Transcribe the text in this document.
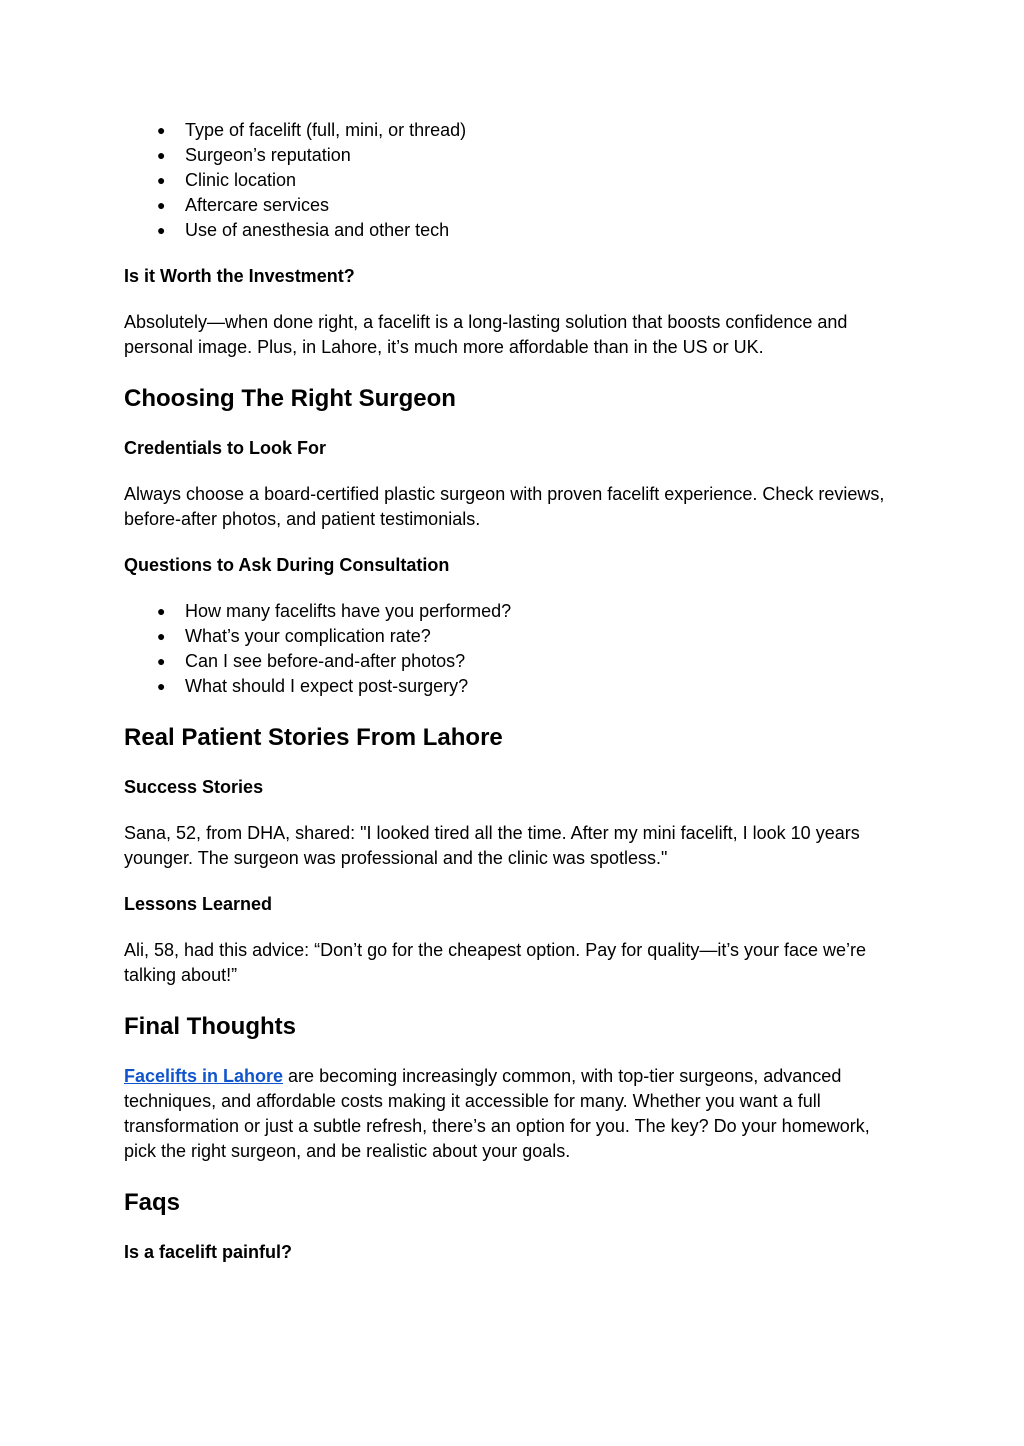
● Type of facelift (full, mini, or thread)
● Surgeon’s reputation
● Clinic location
● Aftercare services
● Use of anesthesia and other tech
Is it Worth the Investment?

Absolutely—when done right, a facelift is a long-lasting solution that boosts confidence and personal image. Plus, in Lahore, it’s much more affordable than in the US or UK.

Choosing The Right Surgeon
Credentials to Look For

Always choose a board-certified plastic surgeon with proven facelift experience. Check reviews, before-after photos, and patient testimonials.

Questions to Ask During Consultation
● How many facelifts have you performed?
● What’s your complication rate?
● Can I see before-and-after photos?
● What should I expect post-surgery?
Real Patient Stories From Lahore
Success Stories

Sana, 52, from DHA, shared: "I looked tired all the time. After my mini facelift, I look 10 years younger. The surgeon was professional and the clinic was spotless."

Lessons Learned

Ali, 58, had this advice: “Don’t go for the cheapest option. Pay for quality—it’s your face we’re talking about!”

Final Thoughts

Facelifts in Lahore are becoming increasingly common, with top-tier surgeons, advanced techniques, and affordable costs making it accessible for many. Whether you want a full transformation or just a subtle refresh, there’s an option for you. The key? Do your homework, pick the right surgeon, and be realistic about your goals.

Faqs
Is a facelift painful?
